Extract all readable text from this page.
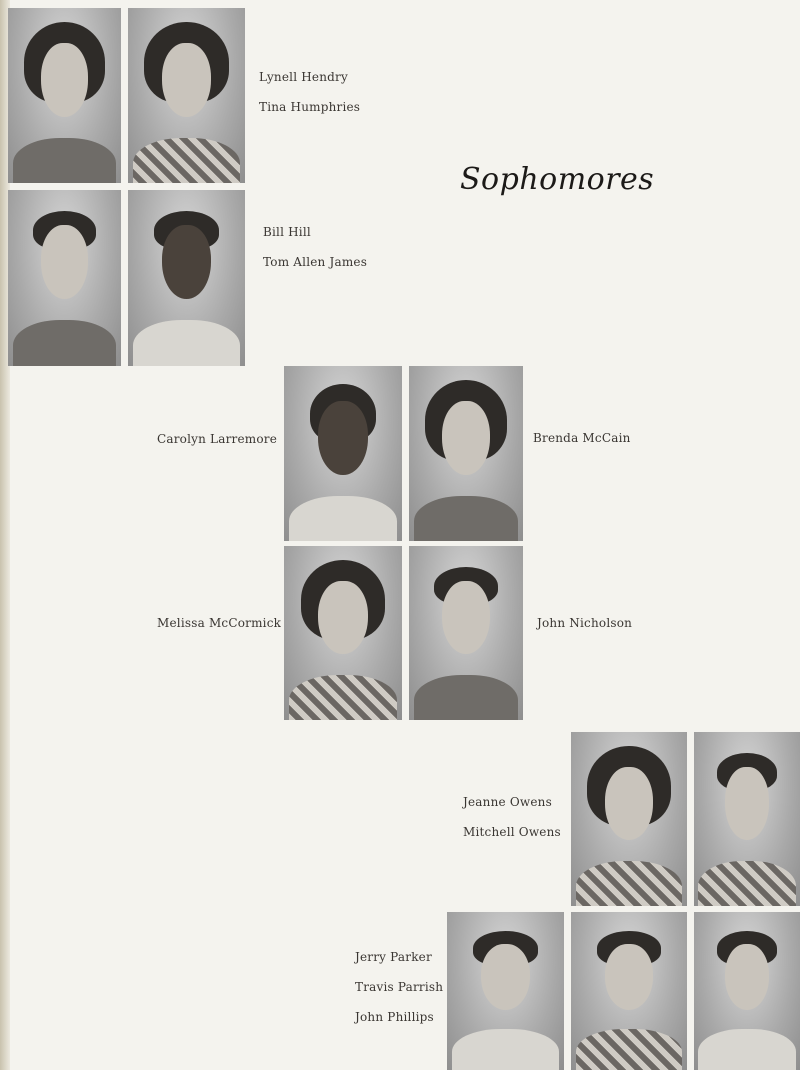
Sophomores
Lynell Hendry
Tina Humphries
Bill Hill
Tom Allen James
Carolyn Larremore	Brenda McCain
Melissa McCormick	John Nicholson
Jeanne Owens
Mitchell Owens
Jerry Parker
Travis Parrish
John Phillips
